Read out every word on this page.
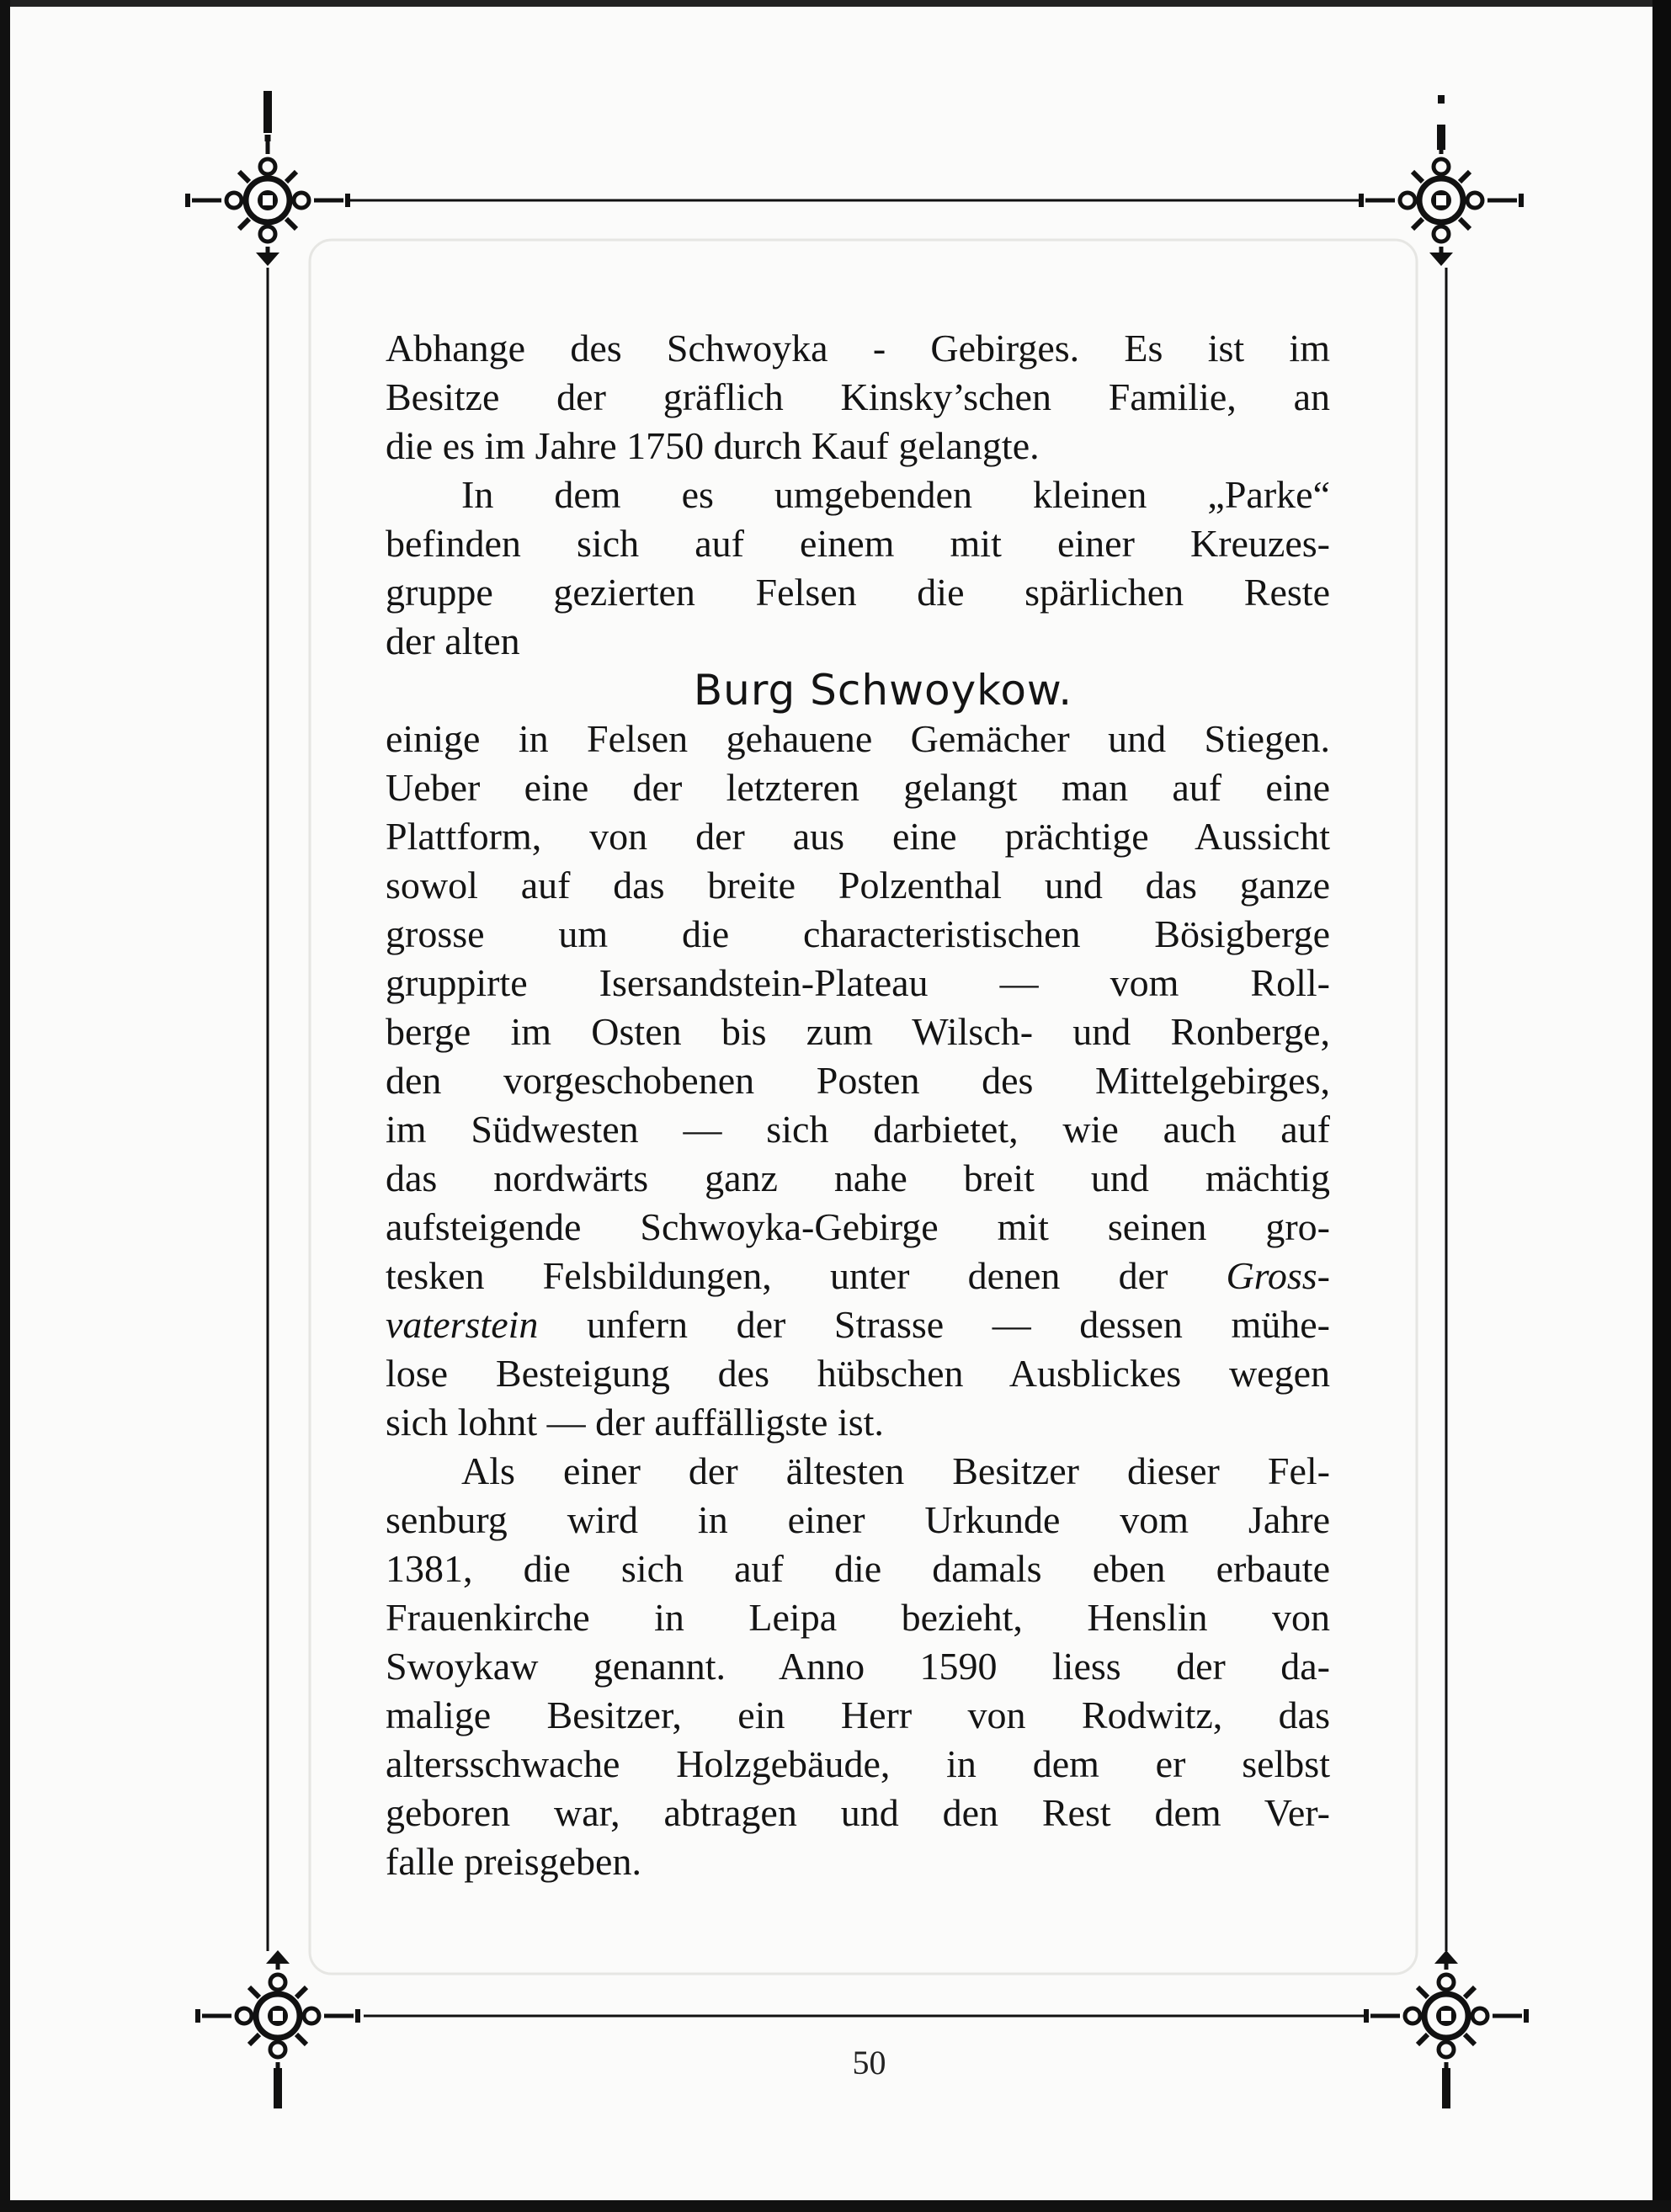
Abhange des Schwoyka - Gebirges. Es ist im
Besitze der gräflich Kinsky’schen Familie, an
die es im Jahre 1750 durch Kauf gelangte.
In dem es umgebenden kleinen „Parke“
befinden sich auf einem mit einer Kreuzes-
gruppe gezierten Felsen die spärlichen Reste
der alten
Burg Schwoykow.
einige in Felsen gehauene Gemächer und Stiegen.
Ueber eine der letzteren gelangt man auf eine
Plattform, von der aus eine prächtige Aussicht
sowol auf das breite Polzenthal und das ganze
grosse um die characteristischen Bösigberge
gruppirte Isersandstein-Plateau — vom Roll-
berge im Osten bis zum Wilsch- und Ronberge,
den vorgeschobenen Posten des Mittelgebirges,
im Südwesten — sich darbietet, wie auch auf
das nordwärts ganz nahe breit und mächtig
aufsteigende Schwoyka-Gebirge mit seinen gro-
tesken Felsbildungen, unter denen der Gross-
vaterstein unfern der Strasse — dessen mühe-
lose Besteigung des hübschen Ausblickes wegen
sich lohnt — der auffälligste ist.
Als einer der ältesten Besitzer dieser Fel-
senburg wird in einer Urkunde vom Jahre
1381, die sich auf die damals eben erbaute
Frauenkirche in Leipa bezieht, Henslin von
Swoykaw genannt. Anno 1590 liess der da-
malige Besitzer, ein Herr von Rodwitz, das
altersschwache Holzgebäude, in dem er selbst
geboren war, abtragen und den Rest dem Ver-
falle preisgeben.
50
